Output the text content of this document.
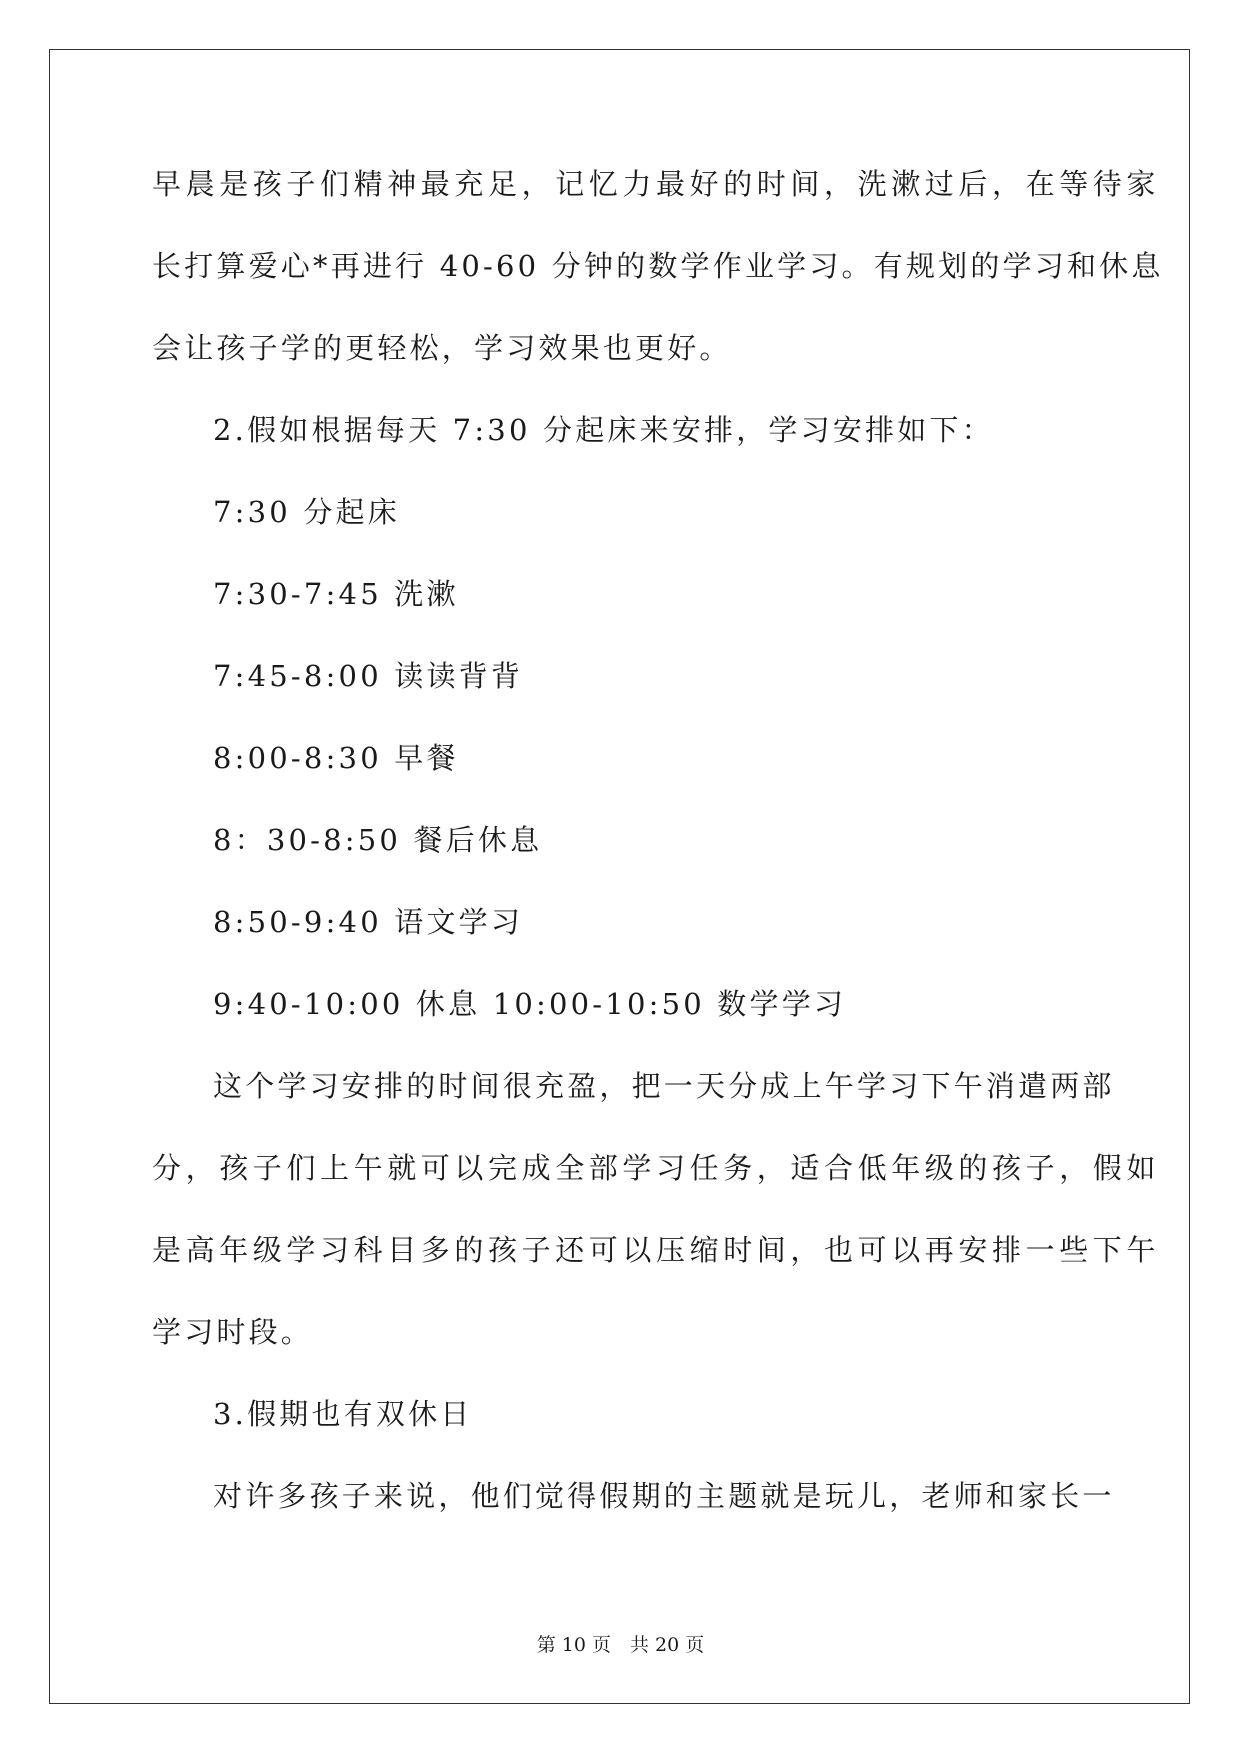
早晨是孩子们精神最充足，记忆力最好的时间，洗漱过后，在等待家
长打算爱心*再进行 40-60 分钟的数学作业学习。有规划的学习和休息
会让孩子学的更轻松，学习效果也更好。
2.假如根据每天 7:30 分起床来安排，学习安排如下：
7:30 分起床
7:30-7:45 洗漱
7:45-8:00 读读背背
8:00-8:30 早餐
8：30-8:50 餐后休息
8:50-9:40 语文学习
9:40-10:00 休息 10:00-10:50 数学学习
这个学习安排的时间很充盈，把一天分成上午学习下午消遣两部
分，孩子们上午就可以完成全部学习任务，适合低年级的孩子，假如
是高年级学习科目多的孩子还可以压缩时间，也可以再安排一些下午
学习时段。
3.假期也有双休日
对许多孩子来说，他们觉得假期的主题就是玩儿，老师和家长一
第 10 页　共 20 页
